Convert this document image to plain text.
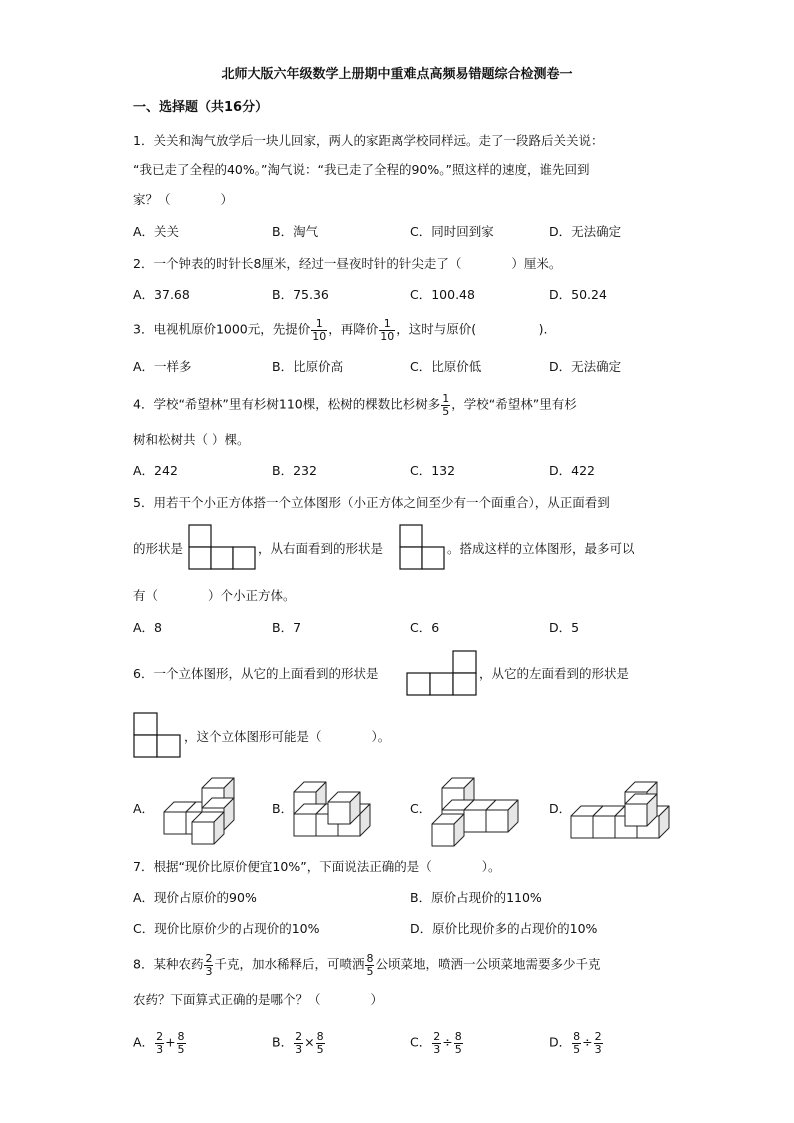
北师大版六年级数学上册期中重难点高频易错题综合检测卷一
一、选择题（共16分）
1．关关和淘气放学后一块儿回家，两人的家距离学校同样远。走了一段路后关关说：
“我已走了全程的40%。”淘气说：“我已走了全程的90%。”照这样的速度，谁先回到
家？（　　　　）
A．关关	B．淘气	C．同时回到家	D．无法确定
2．一个钟表的时针长8厘米，经过一昼夜时针的针尖走了（　　　　）厘米。
A．37.68	B．75.36	C．100.48	D．50.24
3．电视机原价1000元，先提价 $\frac{1}{10}$ ，再降价 $\frac{1}{10}$ ，这时与原价(　　　　　).
A．一样多	B．比原价高	C．比原价低	D．无法确定
4．学校“希望林”里有杉树110棵，松树的棵数比杉树多 $\frac{1}{5}$ ，学校“希望林”里有杉
树和松树共（ ）棵。
A．242	B．232	C．132	D．422
5．用若干个小正方体搭一个立体图形（小正方体之间至少有一个面重合），从正面看到
的形状是	，从右面看到的形状是	。搭成这样的立体图形，最多可以
有（　　　　）个小正方体。
A．8	B．7	C．6	D．5
6．一个立体图形，从它的上面看到的形状是	，从它的左面看到的形状是
，这个立体图形可能是（　　　　）。
A．	B．	C．	D．
7．根据“现价比原价便宜10%”，下面说法正确的是（　　　　）。
A．现价占原价的90%	B．原价占现价的110%
C．现价比原价少的占现价的10%	D．原价比现价多的占现价的10%
8．某种农药 $\frac{2}{3}$ 千克，加水稀释后，可喷洒 $\frac{8}{5}$ 公顷菜地，喷洒一公顷菜地需要多少千克
农药？下面算式正确的是哪个？（　　　　）
A． $\frac{2}{3} + \frac{8}{5}$	B． $\frac{2}{3} \times \frac{8}{5}$	C． $\frac{2}{3} \div \frac{8}{5}$	D． $\frac{8}{5} \div \frac{2}{3}$
